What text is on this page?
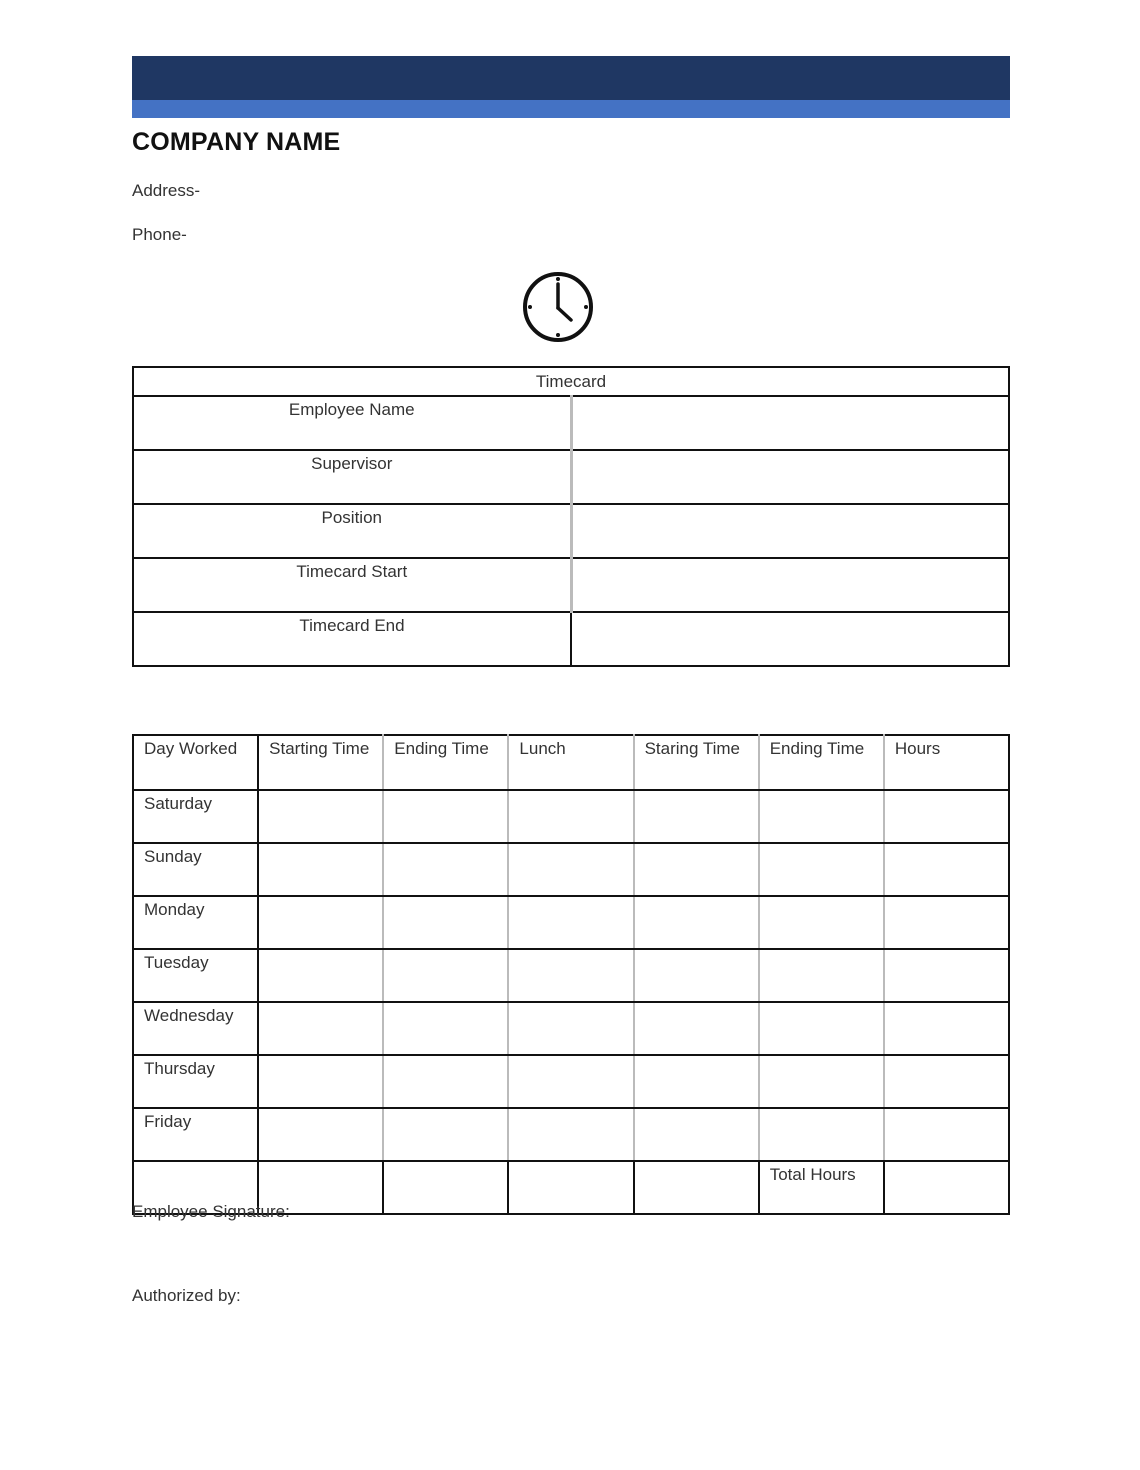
COMPANY NAME
Address-
Phone-
Timecard	
Employee Name	
Supervisor	
Position	
Timecard Start	
Timecard End	
Day Worked	Starting Time	Ending Time	Lunch	Staring Time	Ending Time	Hours
Saturday						
Sunday						
Monday						
Tuesday						
Wednesday						
Thursday						
Friday						
					Total Hours	
Employee Signature:
Authorized by:
